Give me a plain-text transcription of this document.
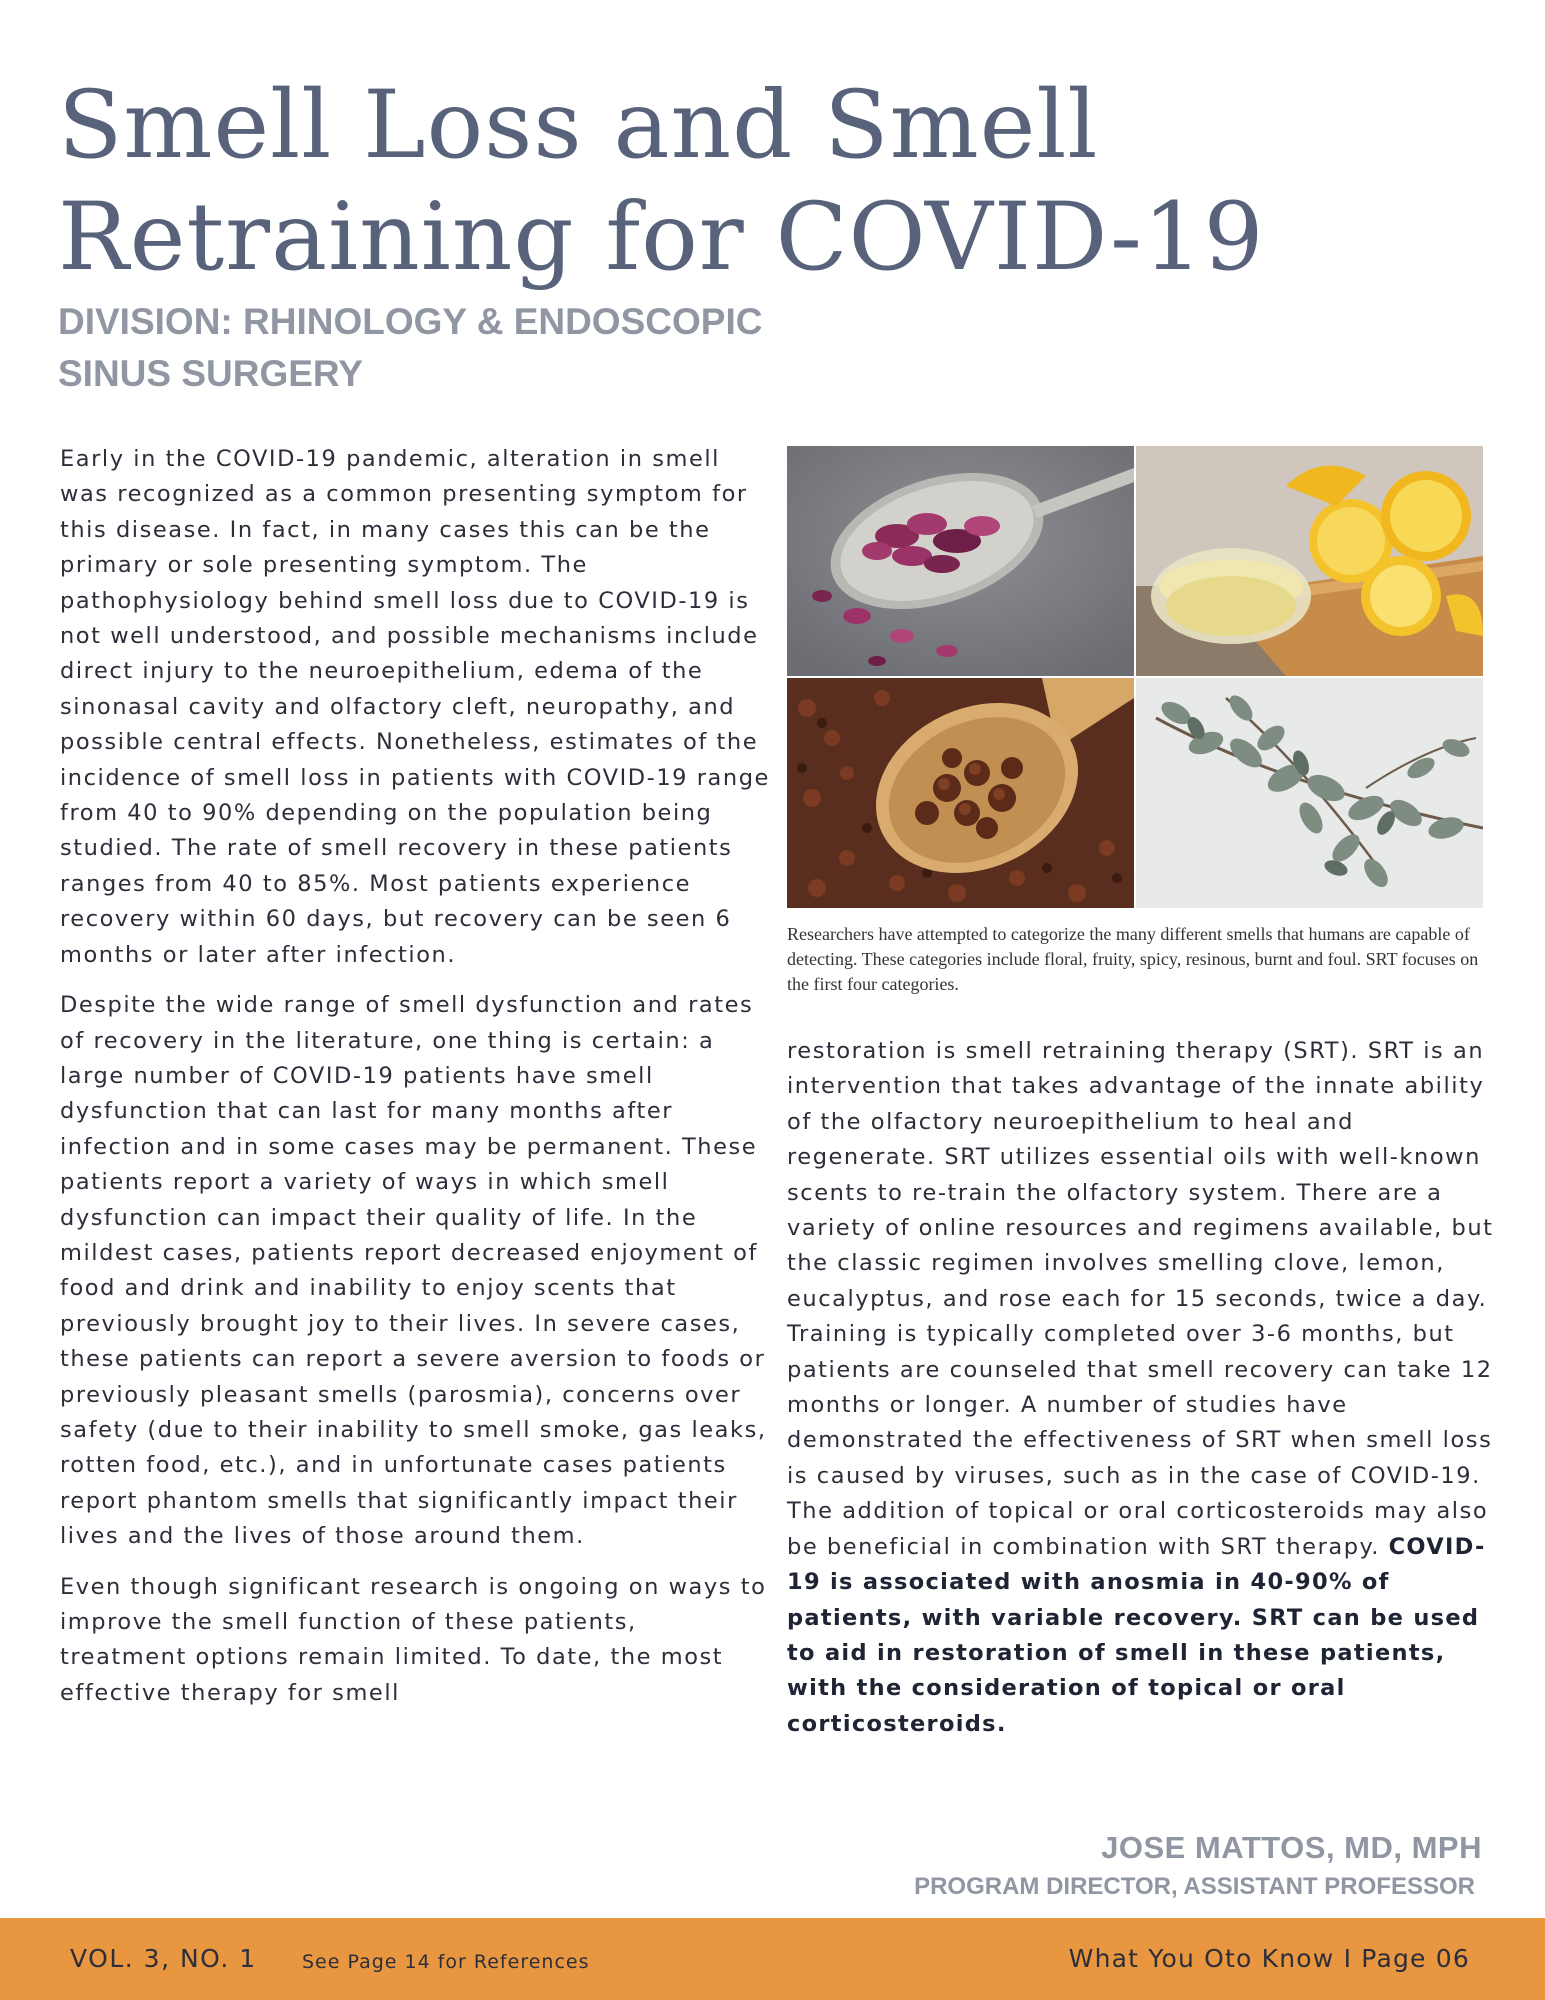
Smell Loss and Smell
Retraining for COVID-19
DIVISION: RHINOLOGY & ENDOSCOPIC
SINUS SURGERY

Early in the COVID-19 pandemic, alteration in smell was recognized as a common presenting symptom for this disease. In fact, in many cases this can be the primary or sole presenting symptom. The pathophysiology behind smell loss due to COVID-19 is not well understood, and possible mechanisms include direct injury to the neuroepithelium, edema of the sinonasal cavity and olfactory cleft, neuropathy, and possible central effects. Nonetheless, estimates of the incidence of smell loss in patients with COVID-19 range from 40 to 90% depending on the population being studied. The rate of smell recovery in these patients ranges from 40 to 85%. Most patients experience recovery within 60 days, but recovery can be seen 6 months or later after infection.

Despite the wide range of smell dysfunction and rates of recovery in the literature, one thing is certain: a large number of COVID-19 patients have smell dysfunction that can last for many months after infection and in some cases may be permanent. These patients report a variety of ways in which smell dysfunction can impact their quality of life. In the mildest cases, patients report decreased enjoyment of food and drink and inability to enjoy scents that previously brought joy to their lives. In severe cases, these patients can report a severe aversion to foods or previously pleasant smells (parosmia), concerns over safety (due to their inability to smell smoke, gas leaks, rotten food, etc.), and in unfortunate cases patients report phantom smells that significantly impact their lives and the lives of those around them.

Even though significant research is ongoing on ways to improve the smell function of these patients, treatment options remain limited. To date, the most effective therapy for smell

Researchers have attempted to categorize the many different smells that humans are capable of detecting. These categories include floral, fruity, spicy, resinous, burnt and foul. SRT focuses on the first four categories.

restoration is smell retraining therapy (SRT). SRT is an intervention that takes advantage of the innate ability of the olfactory neuroepithelium to heal and regenerate. SRT utilizes essential oils with well-known scents to re-train the olfactory system. There are a variety of online resources and regimens available, but the classic regimen involves smelling clove, lemon, eucalyptus, and rose each for 15 seconds, twice a day. Training is typically completed over 3-6 months, but patients are counseled that smell recovery can take 12 months or longer. A number of studies have demonstrated the effectiveness of SRT when smell loss is caused by viruses, such as in the case of COVID-19. The addition of topical or oral corticosteroids may also be beneficial in combination with SRT therapy. COVID-19 is associated with anosmia in 40-90% of patients, with variable recovery. SRT can be used to aid in restoration of smell in these patients, with the consideration of topical or oral corticosteroids.

JOSE MATTOS, MD, MPH
PROGRAM DIRECTOR, ASSISTANT PROFESSOR
VOL. 3, NO. 1 See Page 14 for References	What You Oto Know I Page 06
